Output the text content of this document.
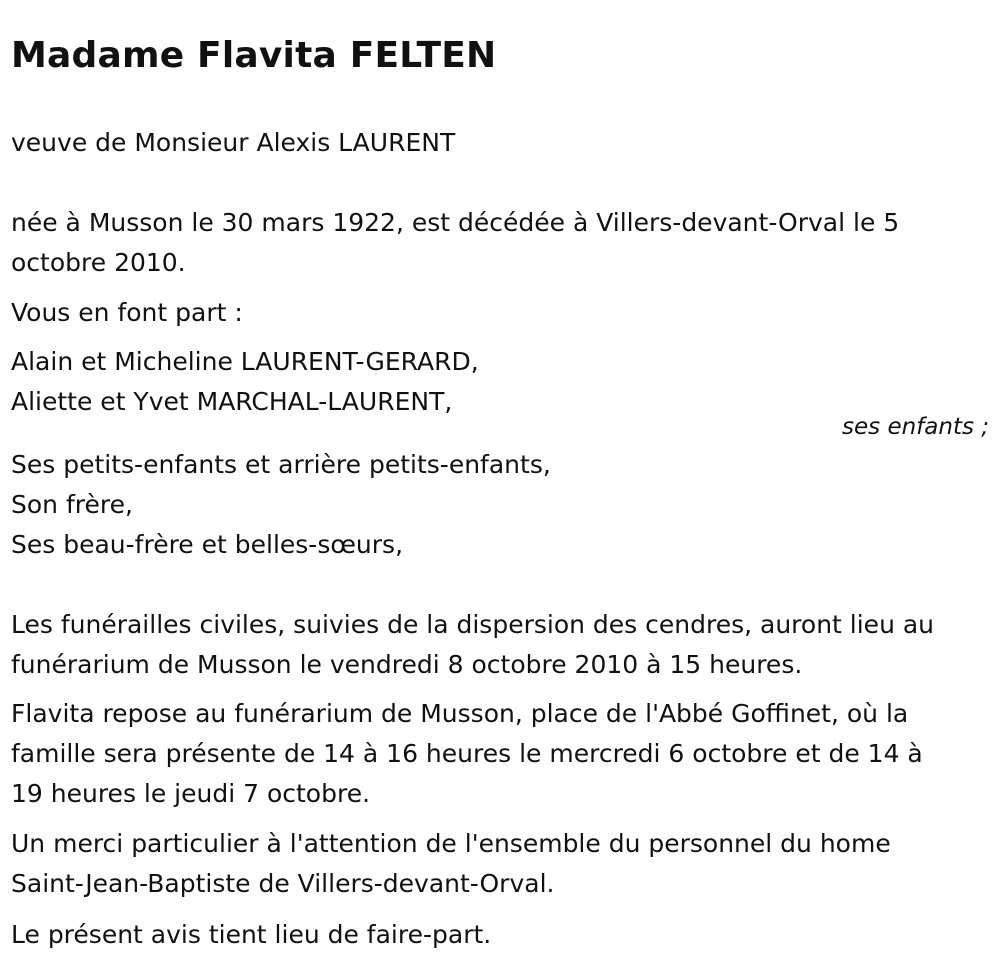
Madame Flavita FELTEN

veuve de Monsieur Alexis LAURENT

née à Musson le 30 mars 1922, est décédée à Villers-devant-Orval le 5

octobre 2010.

Vous en font part :

Alain et Micheline LAURENT-GERARD,

Aliette et Yvet MARCHAL-LAURENT,

ses enfants ;

Ses petits-enfants et arrière petits-enfants,

Son frère,

Ses beau-frère et belles-sœurs,

Les funérailles civiles, suivies de la dispersion des cendres, auront lieu au

funérarium de Musson le vendredi 8 octobre 2010 à 15 heures.

Flavita repose au funérarium de Musson, place de l'Abbé Goffinet, où la

famille sera présente de 14 à 16 heures le mercredi 6 octobre et de 14 à

19 heures le jeudi 7 octobre.

Un merci particulier à l'attention de l'ensemble du personnel du home

Saint-Jean-Baptiste de Villers-devant-Orval.

Le présent avis tient lieu de faire-part.
